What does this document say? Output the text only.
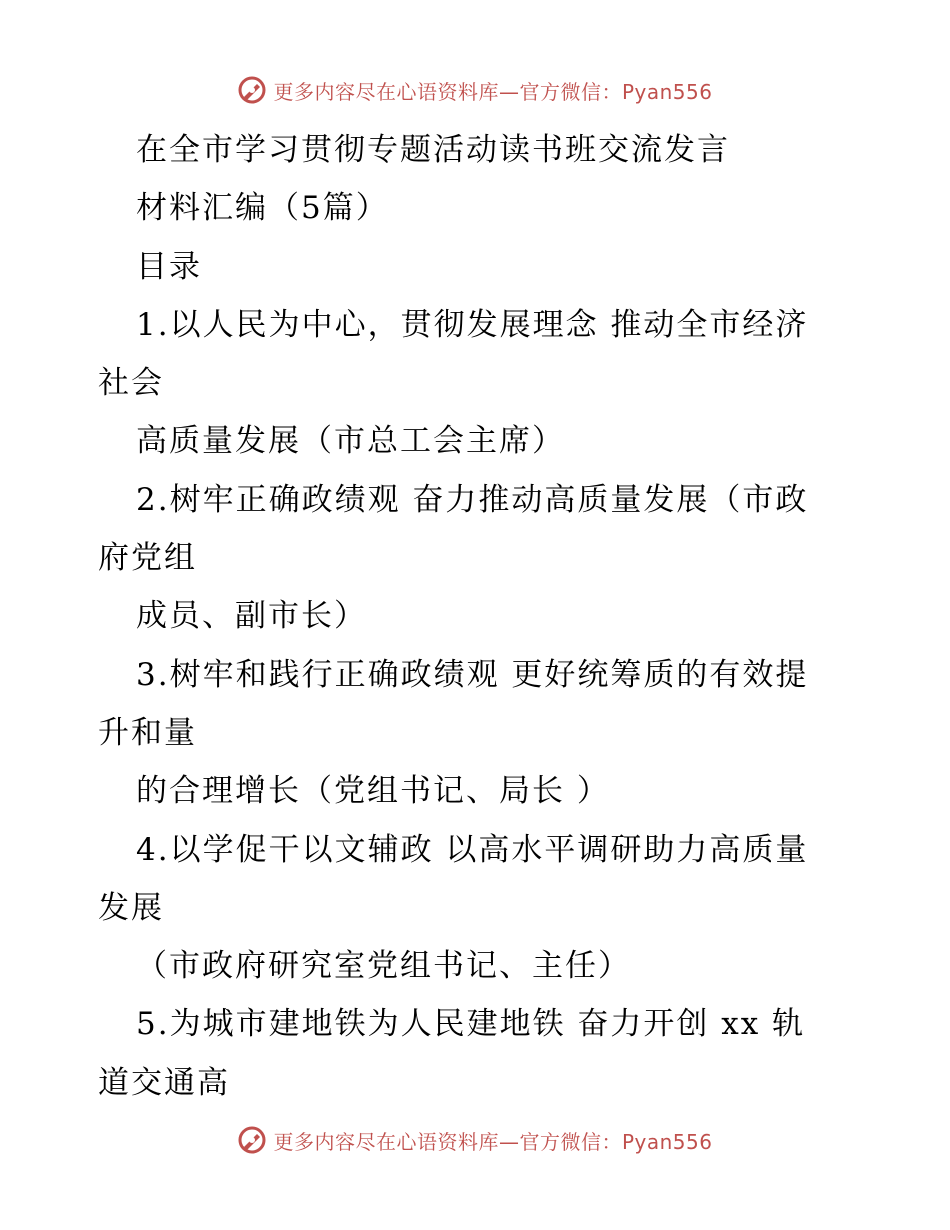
更多内容尽在心语资料库—官方微信：Pyan556
在全市学习贯彻专题活动读书班交流发言
材料汇编（5篇）
目录
1.以人民为中心，贯彻发展理念 推动全市经济
社会
高质量发展（市总工会主席）
2.树牢正确政绩观 奋力推动高质量发展（市政
府党组
成员、副市长）
3.树牢和践行正确政绩观 更好统筹质的有效提
升和量
的合理增长（党组书记、局长 ）
4.以学促干以文辅政 以高水平调研助力高质量
发展
（市政府研究室党组书记、主任）
5.为城市建地铁为人民建地铁 奋力开创 xx 轨
道交通高
更多内容尽在心语资料库—官方微信：Pyan556
